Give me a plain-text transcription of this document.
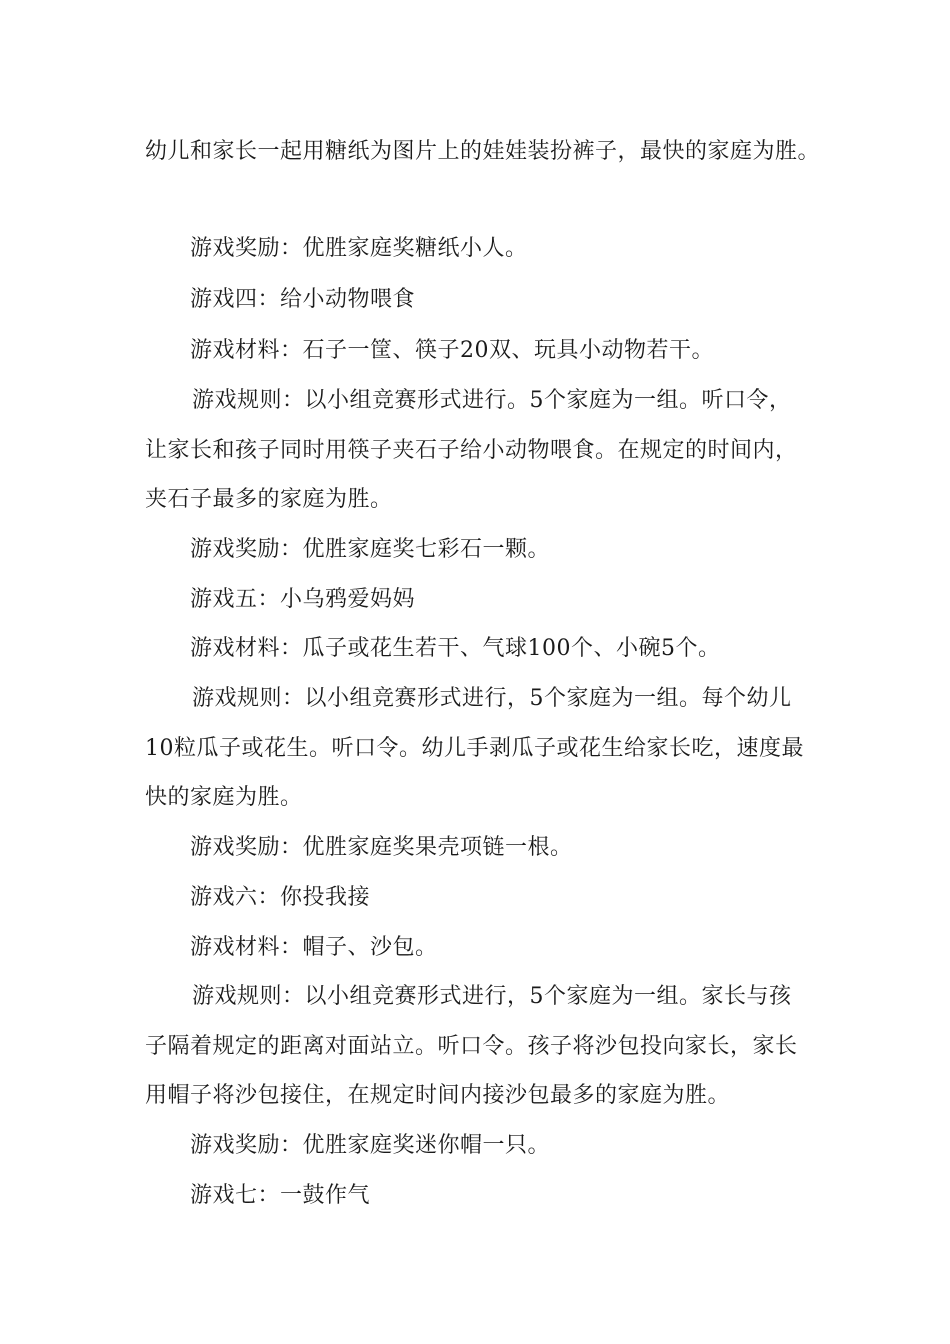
幼儿和家长一起用糖纸为图片上的娃娃装扮裤子，最快的家庭为胜。
游戏奖励：优胜家庭奖糖纸小人。
游戏四：给小动物喂食
游戏材料：石子一筐、筷子20双、玩具小动物若干。
游戏规则：以小组竞赛形式进行。5个家庭为一组。听口令，
让家长和孩子同时用筷子夹石子给小动物喂食。在规定的时间内，
夹石子最多的家庭为胜。
游戏奖励：优胜家庭奖七彩石一颗。
游戏五：小乌鸦爱妈妈
游戏材料：瓜子或花生若干、气球100个、小碗5个。
游戏规则：以小组竞赛形式进行，5个家庭为一组。每个幼儿
10粒瓜子或花生。听口令。幼儿手剥瓜子或花生给家长吃，速度最
快的家庭为胜。
游戏奖励：优胜家庭奖果壳项链一根。
游戏六：你投我接
游戏材料：帽子、沙包。
游戏规则：以小组竞赛形式进行，5个家庭为一组。家长与孩
子隔着规定的距离对面站立。听口令。孩子将沙包投向家长，家长
用帽子将沙包接住，在规定时间内接沙包最多的家庭为胜。
游戏奖励：优胜家庭奖迷你帽一只。
游戏七：一鼓作气
